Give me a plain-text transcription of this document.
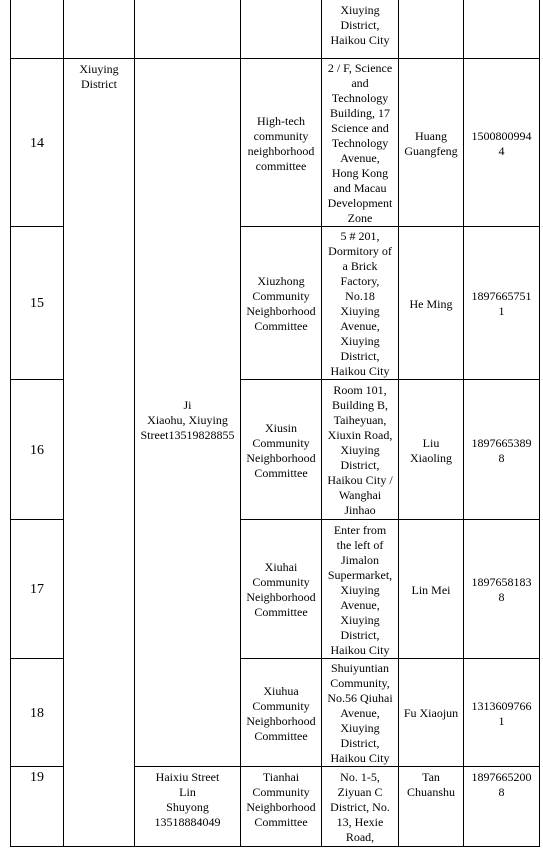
Xiuying
District,
Haikou City
14
Xiuying
District
Ji
Xiaohu, Xiuying
Street13519828855
High-tech
community
neighborhood
committee
2 / F, Science
and
Technology
Building, 17
Science and
Technology
Avenue,
Hong Kong
and Macau
Development
Zone
Huang
Guangfeng
1500800994
4
15
Xiuzhong
Community
Neighborhood
Committee
5 # 201,
Dormitory of
a Brick
Factory,
No.18
Xiuying
Avenue,
Xiuying
District,
Haikou City
He Ming
1897665751
1
16
Xiusin
Community
Neighborhood
Committee
Room 101,
Building B,
Taiheyuan,
Xiuxin Road,
Xiuying
District,
Haikou City /
Wanghai
Jinhao
Liu
Xiaoling
1897665389
8
17
Xiuhai
Community
Neighborhood
Committee
Enter from
the left of
Jimalon
Supermarket,
Xiuying
Avenue,
Xiuying
District,
Haikou City
Lin Mei
1897658183
8
18
Xiuhua
Community
Neighborhood
Committee
Shuiyuntian
Community,
No.56 Qiuhai
Avenue,
Xiuying
District,
Haikou City
Fu Xiaojun	1313609766
1
19	Haixiu Street
Lin
Shuyong
13518884049
Tianhai
Community
Neighborhood
Committee
No. 1-5,
Ziyuan C
District, No.
13, Hexie
Road,
Tan
Chuanshu
1897665200
8
